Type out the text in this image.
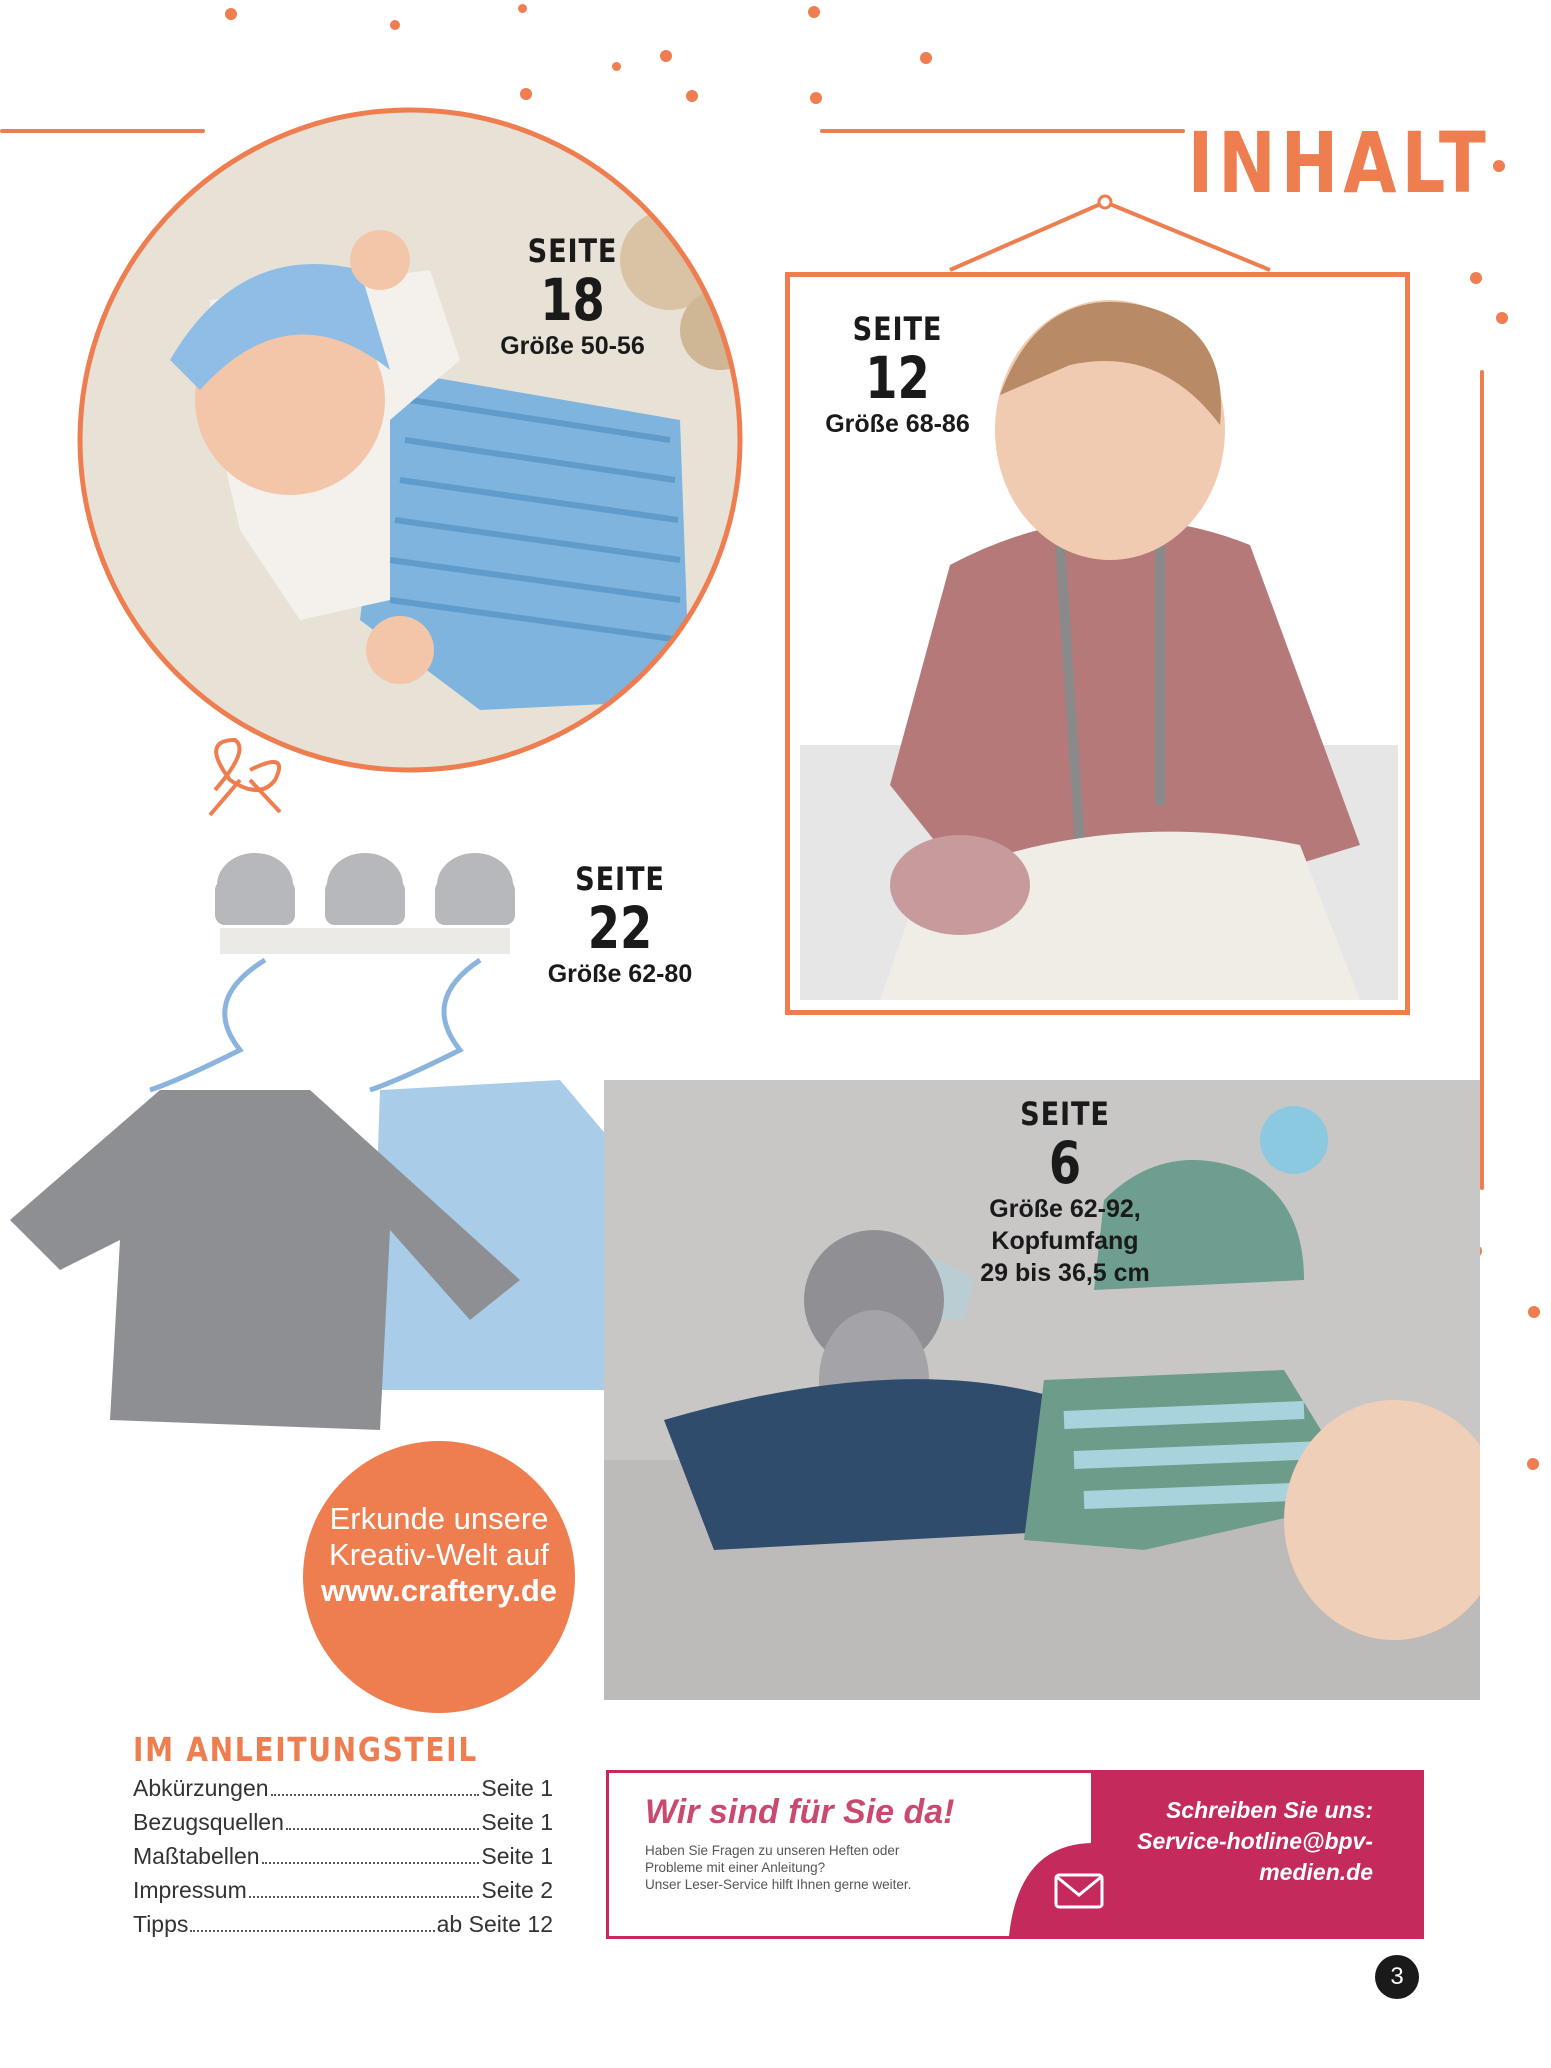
INHALT
SEITE
18
Größe 50-56	SEITE
12
Größe 68-86
SEITE
22
Größe 62-80
SEITE
6
Größe 62-92,
Kopfumfang
29 bis 36,5 cm
Erkunde unsere
Kreativ-Welt auf
www.craftery.de
IM ANLEITUNGSTEIL
Abkürzungen	Seite 1
Bezugsquellen	Seite 1
Maßtabellen	Seite 1
Impressum	Seite 2
Tipps	ab Seite 12
Wir sind für Sie da!
Haben Sie Fragen zu unseren Heften oder
Probleme mit einer Anleitung?
Unser Leser-Service hilft Ihnen gerne weiter.
Schreiben Sie uns:
Service-hotline@bpv-
medien.de
3
